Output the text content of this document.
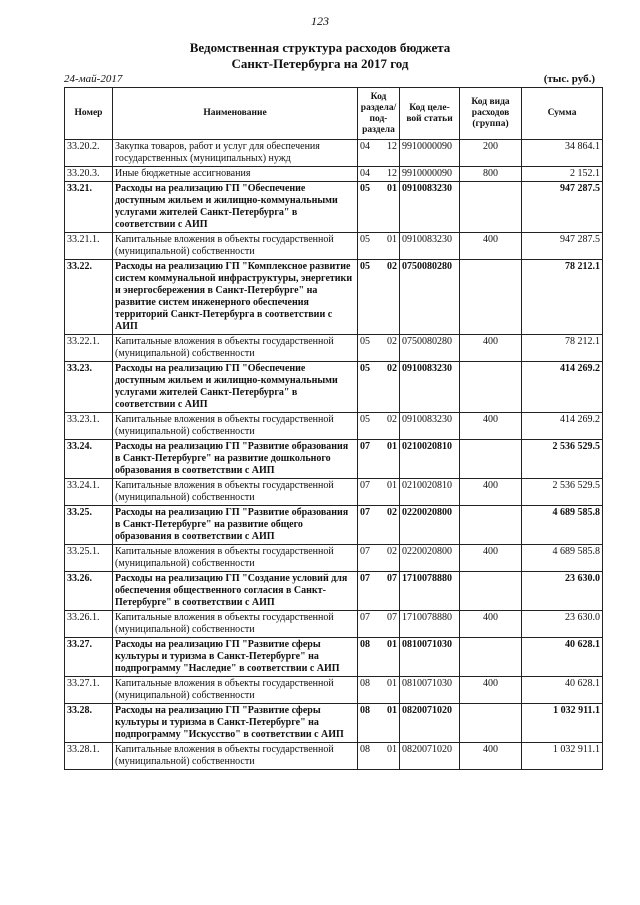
123
Ведомственная структура расходов бюджета
Санкт-Петербурга на 2017 год
24-май-2017	(тыс. руб.)
Номер	Наименование	Код раздела/ под-раздела		Код целе-вой статьи	Код вида расходов (группа)	Сумма
33.20.2.	Закупка товаров, работ и услуг для обеспечения государственных (муниципальных) нужд	04	12	9910000090	200	34 864.1
33.20.3.	Иные бюджетные ассигнования	04	12	9910000090	800	2 152.1
33.21.	Расходы на реализацию ГП "Обеспечение доступным жильем и жилищно-коммунальными услугами жителей Санкт-Петербурга" в соответствии с АИП	05	01	0910083230		947 287.5
33.21.1.	Капитальные вложения в объекты государственной (муниципальной) собственности	05	01	0910083230	400	947 287.5
33.22.	Расходы на реализацию ГП "Комплексное развитие систем коммунальной инфраструктуры, энергетики и энергосбережения в Санкт-Петербурге" на развитие систем инженерного обеспечения территорий Санкт-Петербурга в соответствии с АИП	05	02	0750080280		78 212.1
33.22.1.	Капитальные вложения в объекты государственной (муниципальной) собственности	05	02	0750080280	400	78 212.1
33.23.	Расходы на реализацию ГП "Обеспечение доступным жильем и жилищно-коммунальными услугами жителей Санкт-Петербурга" в соответствии с АИП	05	02	0910083230		414 269.2
33.23.1.	Капитальные вложения в объекты государственной (муниципальной) собственности	05	02	0910083230	400	414 269.2
33.24.	Расходы на реализацию ГП "Развитие образования в Санкт-Петербурге" на развитие дошкольного образования в соответствии с АИП	07	01	0210020810		2 536 529.5
33.24.1.	Капитальные вложения в объекты государственной (муниципальной) собственности	07	01	0210020810	400	2 536 529.5
33.25.	Расходы на реализацию ГП "Развитие образования в Санкт-Петербурге" на развитие общего образования в соответствии с АИП	07	02	0220020800		4 689 585.8
33.25.1.	Капитальные вложения в объекты государственной (муниципальной) собственности	07	02	0220020800	400	4 689 585.8
33.26.	Расходы на реализацию ГП "Создание условий для обеспечения общественного согласия в Санкт-Петербурге" в соответствии с АИП	07	07	1710078880		23 630.0
33.26.1.	Капитальные вложения в объекты государственной (муниципальной) собственности	07	07	1710078880	400	23 630.0
33.27.	Расходы на реализацию ГП "Развитие сферы культуры и туризма в Санкт-Петербурге" на подпрограмму "Наследие" в соответствии с АИП	08	01	0810071030		40 628.1
33.27.1.	Капитальные вложения в объекты государственной (муниципальной) собственности	08	01	0810071030	400	40 628.1
33.28.	Расходы на реализацию ГП "Развитие сферы культуры и туризма в Санкт-Петербурге" на подпрограмму "Искусство" в соответствии с АИП	08	01	0820071020		1 032 911.1
33.28.1.	Капитальные вложения в объекты государственной (муниципальной) собственности	08	01	0820071020	400	1 032 911.1
